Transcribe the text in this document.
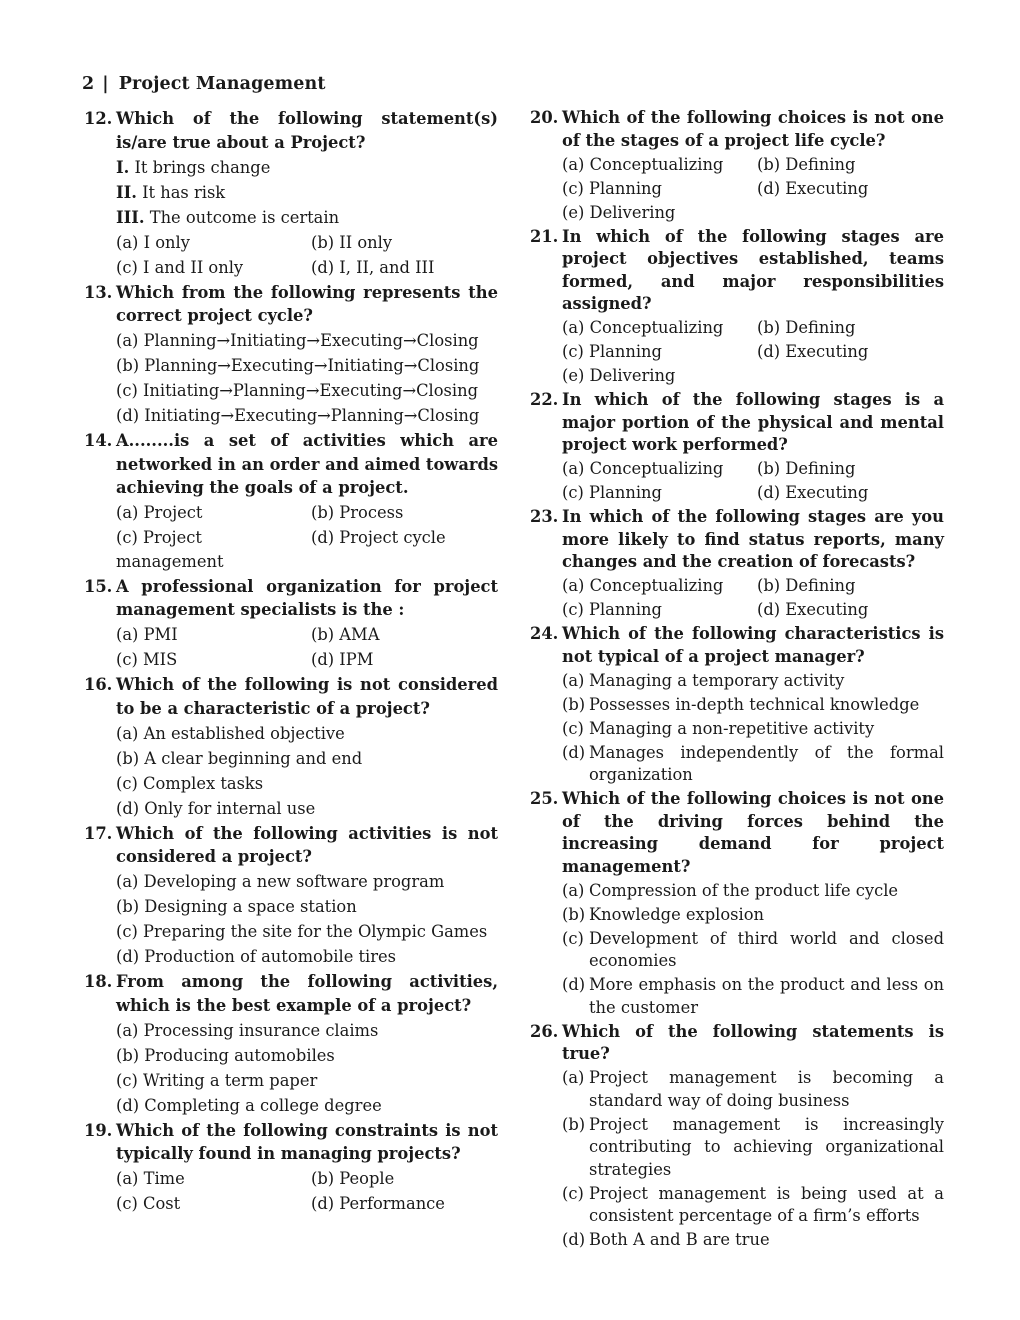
2 | Project Management
12. Which of the following statement(s) is/are true about a Project?
I. It brings change
II. It has risk
III. The outcome is certain
(a) I only	(b) II only
(c) I and II only	(d) I, II, and III
13. Which from the following represents the correct project cycle?
(a) Planning→Initiating→Executing→Closing
(b) Planning→Executing→Initiating→Closing
(c) Initiating→Planning→Executing→Closing
(d) Initiating→Executing→Planning→Closing
14. A........is a set of activities which are networked in an order and aimed towards achieving the goals of a project.
(a) Project	(b) Process
(c) Project management
(d) Project cycle
15. A professional organization for project management specialists is the :
(a) PMI	(b) AMA
(c) MIS	(d) IPM
16. Which of the following is not considered to be a characteristic of a project?
(a) An established objective
(b) A clear beginning and end
(c) Complex tasks
(d) Only for internal use
17. Which of the following activities is not considered a project?
(a) Developing a new software program
(b) Designing a space station
(c) Preparing the site for the Olympic Games
(d) Production of automobile tires
18. From among the following activities, which is the best example of a project?
(a) Processing insurance claims
(b) Producing automobiles
(c) Writing a term paper
(d) Completing a college degree
19. Which of the following constraints is not typically found in managing projects?
(a) Time	(b) People
(c) Cost	(d) Performance
20. Which of the following choices is not one of the stages of a project life cycle?
(a) Conceptualizing	(b) Defining
(c) Planning	(d) Executing
(e) Delivering
21. In which of the following stages are project objectives established, teams formed, and major responsibilities assigned?
(a) Conceptualizing	(b) Defining
(c) Planning	(d) Executing
(e) Delivering
22. In which of the following stages is a major portion of the physical and mental project work performed?
(a) Conceptualizing	(b) Defining
(c) Planning	(d) Executing
23. In which of the following stages are you more likely to find status reports, many changes and the creation of forecasts?
(a) Conceptualizing	(b) Defining
(c) Planning	(d) Executing
24. Which of the following characteristics is not typical of a project manager?
(a) Managing a temporary activity
(b) Possesses in-depth technical knowledge
(c) Managing a non-repetitive activity
(d) Manages independently of the formal organization
25. Which of the following choices is not one of the driving forces behind the increasing demand for project management?
(a) Compression of the product life cycle
(b) Knowledge explosion
(c) Development of third world and closed economies
(d) More emphasis on the product and less on the customer
26. Which of the following statements is true?
(a) Project management is becoming a standard way of doing business
(b) Project management is increasingly contributing to achieving organizational strategies
(c) Project management is being used at a consistent percentage of a firm’s efforts
(d) Both A and B are true
